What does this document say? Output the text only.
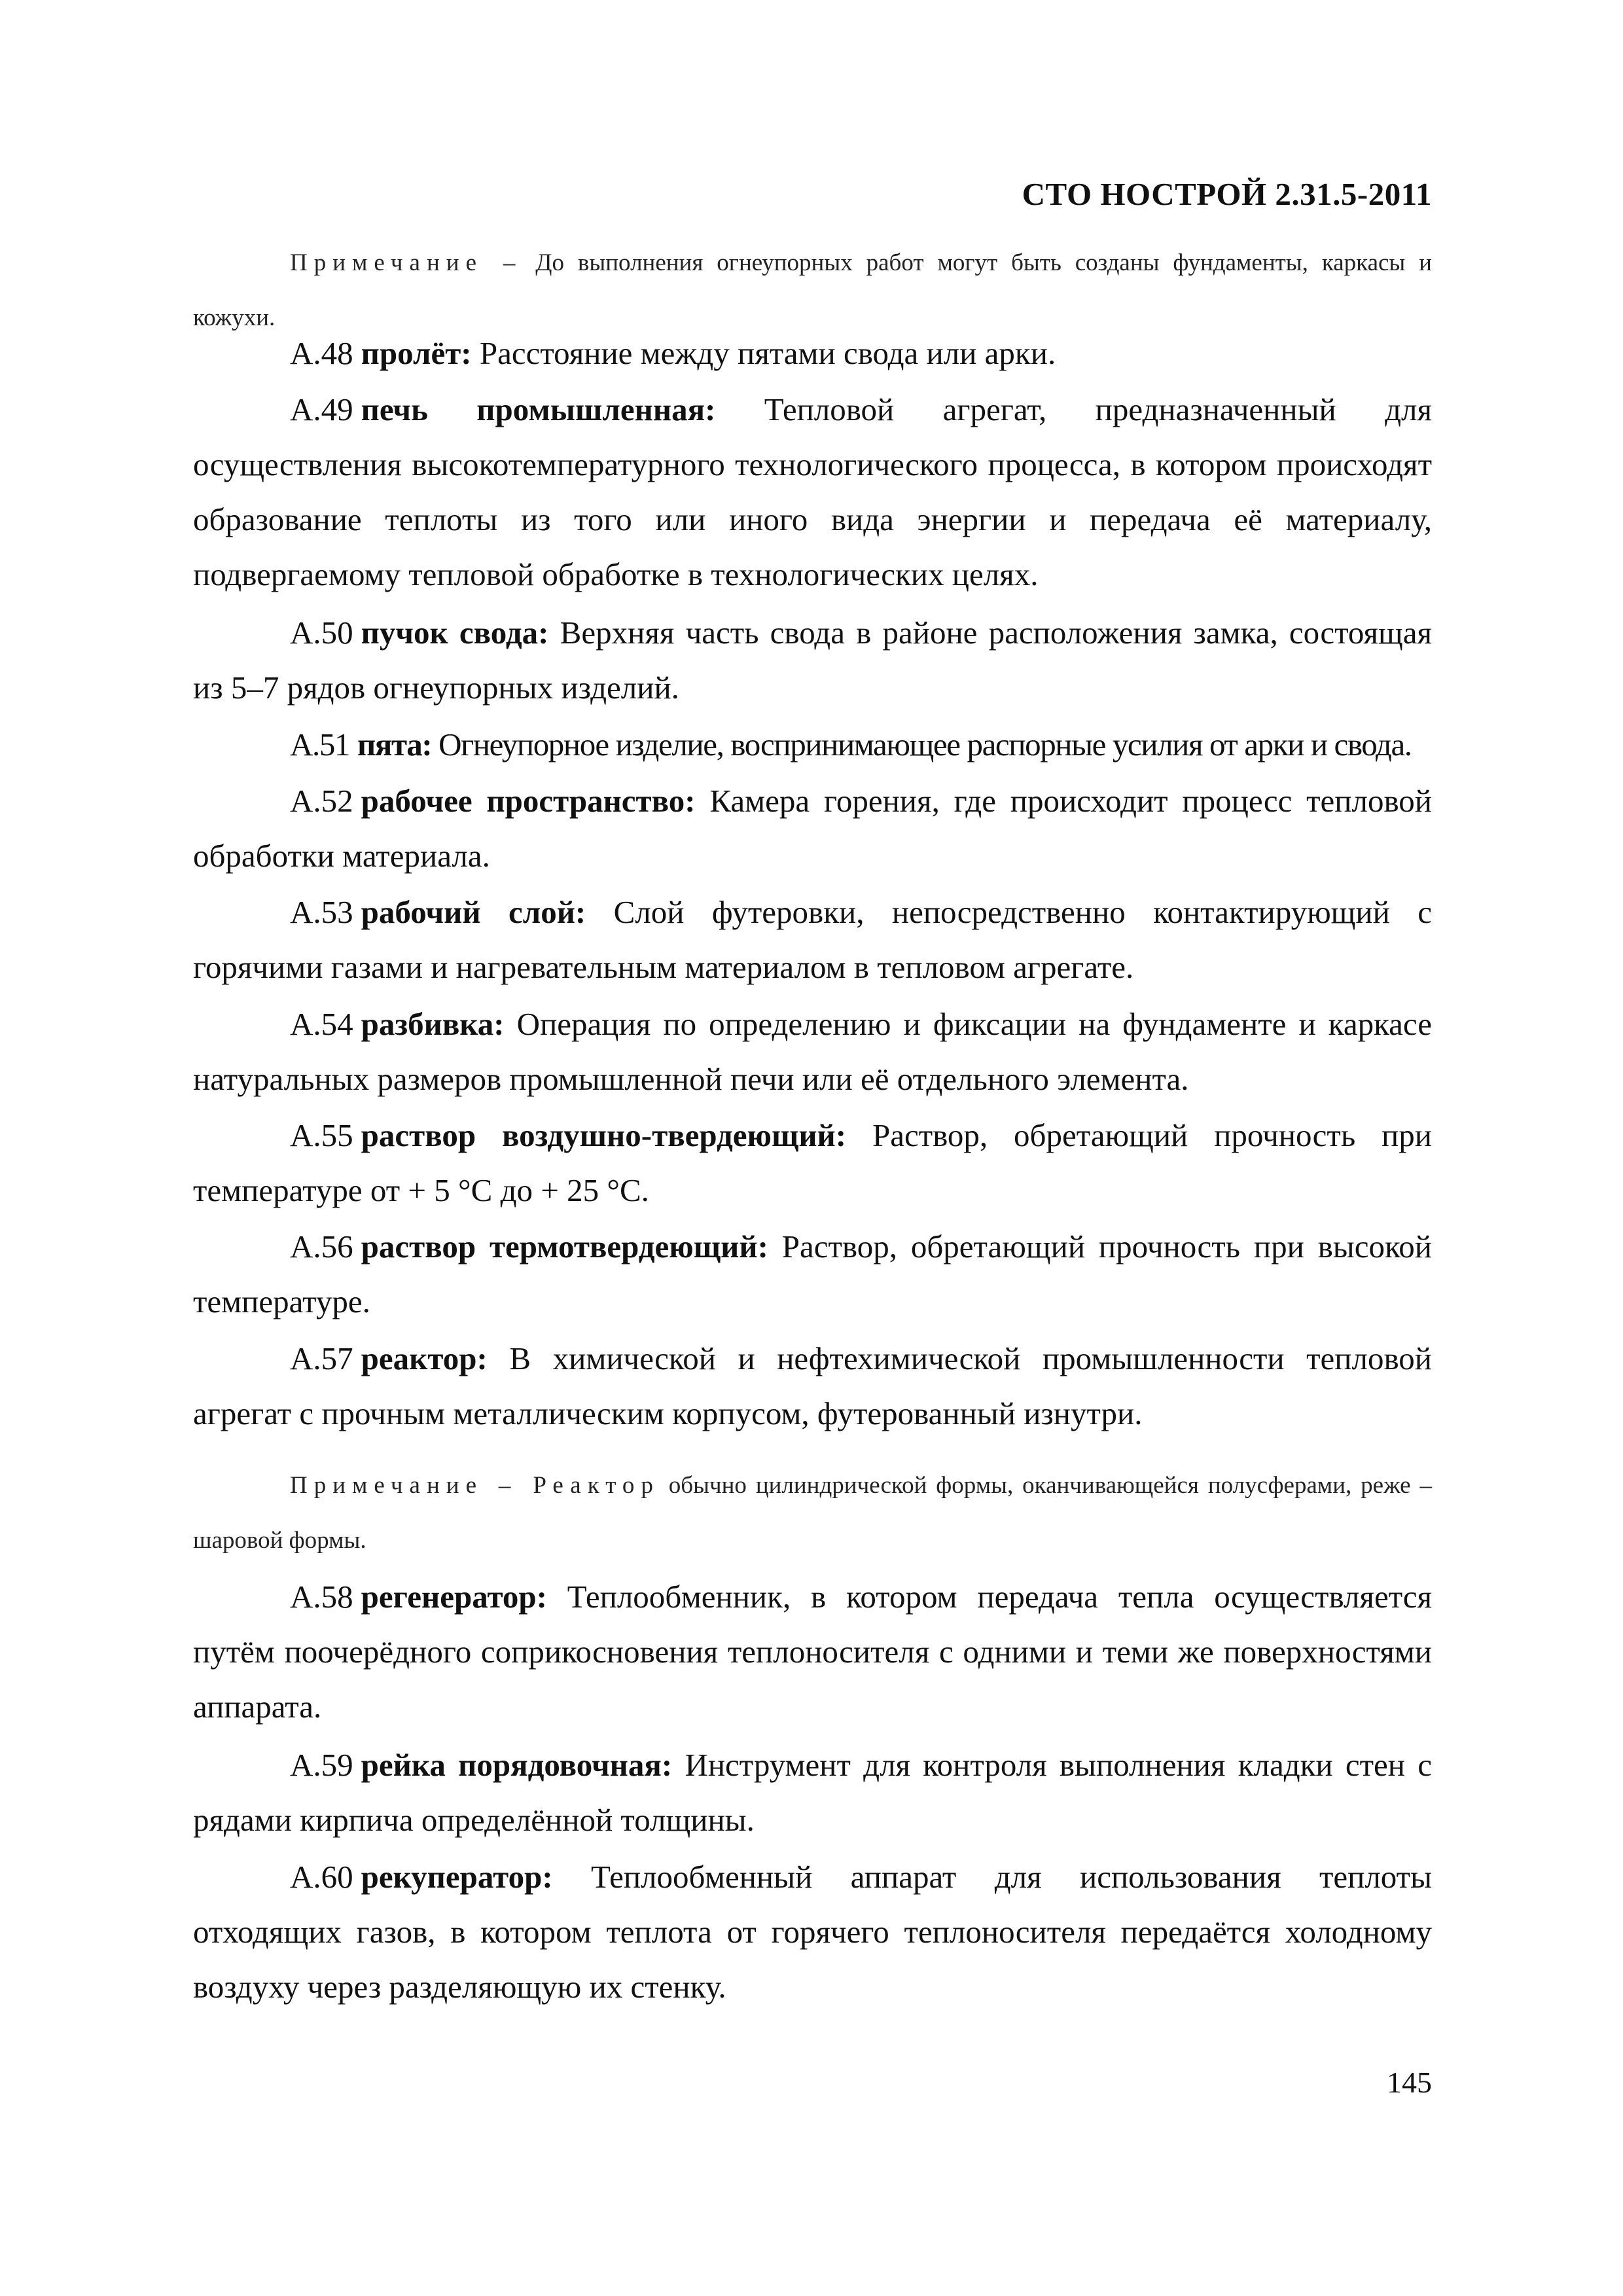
СТО НОСТРОЙ 2.31.5-2011

Примечание – До выполнения огнеупорных работ могут быть созданы фундаменты, каркасы и кожухи.

А.48 пролёт: Расстояние между пятами свода или арки.

А.49 печь промышленная: Тепловой агрегат, предназначенный для осуществления высокотемпературного технологического процесса, в котором происходят образование теплоты из того или иного вида энергии и передача её материалу, подвергаемому тепловой обработке в технологических целях.

А.50 пучок свода: Верхняя часть свода в районе расположения замка, состоящая из 5–7 рядов огнеупорных изделий.

А.51 пята: Огнеупорное изделие, воспринимающее распорные усилия от арки и свода.

А.52 рабочее пространство: Камера горения, где происходит процесс тепловой обработки материала.

А.53 рабочий слой: Слой футеровки, непосредственно контактирующий с горячими газами и нагревательным материалом в тепловом агрегате.

А.54 разбивка: Операция по определению и фиксации на фундаменте и каркасе натуральных размеров промышленной печи или её отдельного элемента.

А.55 раствор воздушно-твердеющий: Раствор, обретающий прочность при температуре от + 5 °С до + 25 °С.

А.56 раствор термотвердеющий: Раствор, обретающий прочность при высокой температуре.

А.57 реактор: В химической и нефтехимической промышленности тепловой агрегат с прочным металлическим корпусом, футерованный изнутри.

Примечание – Реактор обычно цилиндрической формы, оканчивающейся полусферами, реже – шаровой формы.

А.58 регенератор: Теплообменник, в котором передача тепла осуществляется путём поочерёдного соприкосновения теплоносителя с одними и теми же поверхностями аппарата.

А.59 рейка порядовочная: Инструмент для контроля выполнения кладки стен с рядами кирпича определённой толщины.

А.60 рекуператор: Теплообменный аппарат для использования теплоты отходящих газов, в котором теплота от горячего теплоносителя передаётся холодному воздуху через разделяющую их стенку.

145
